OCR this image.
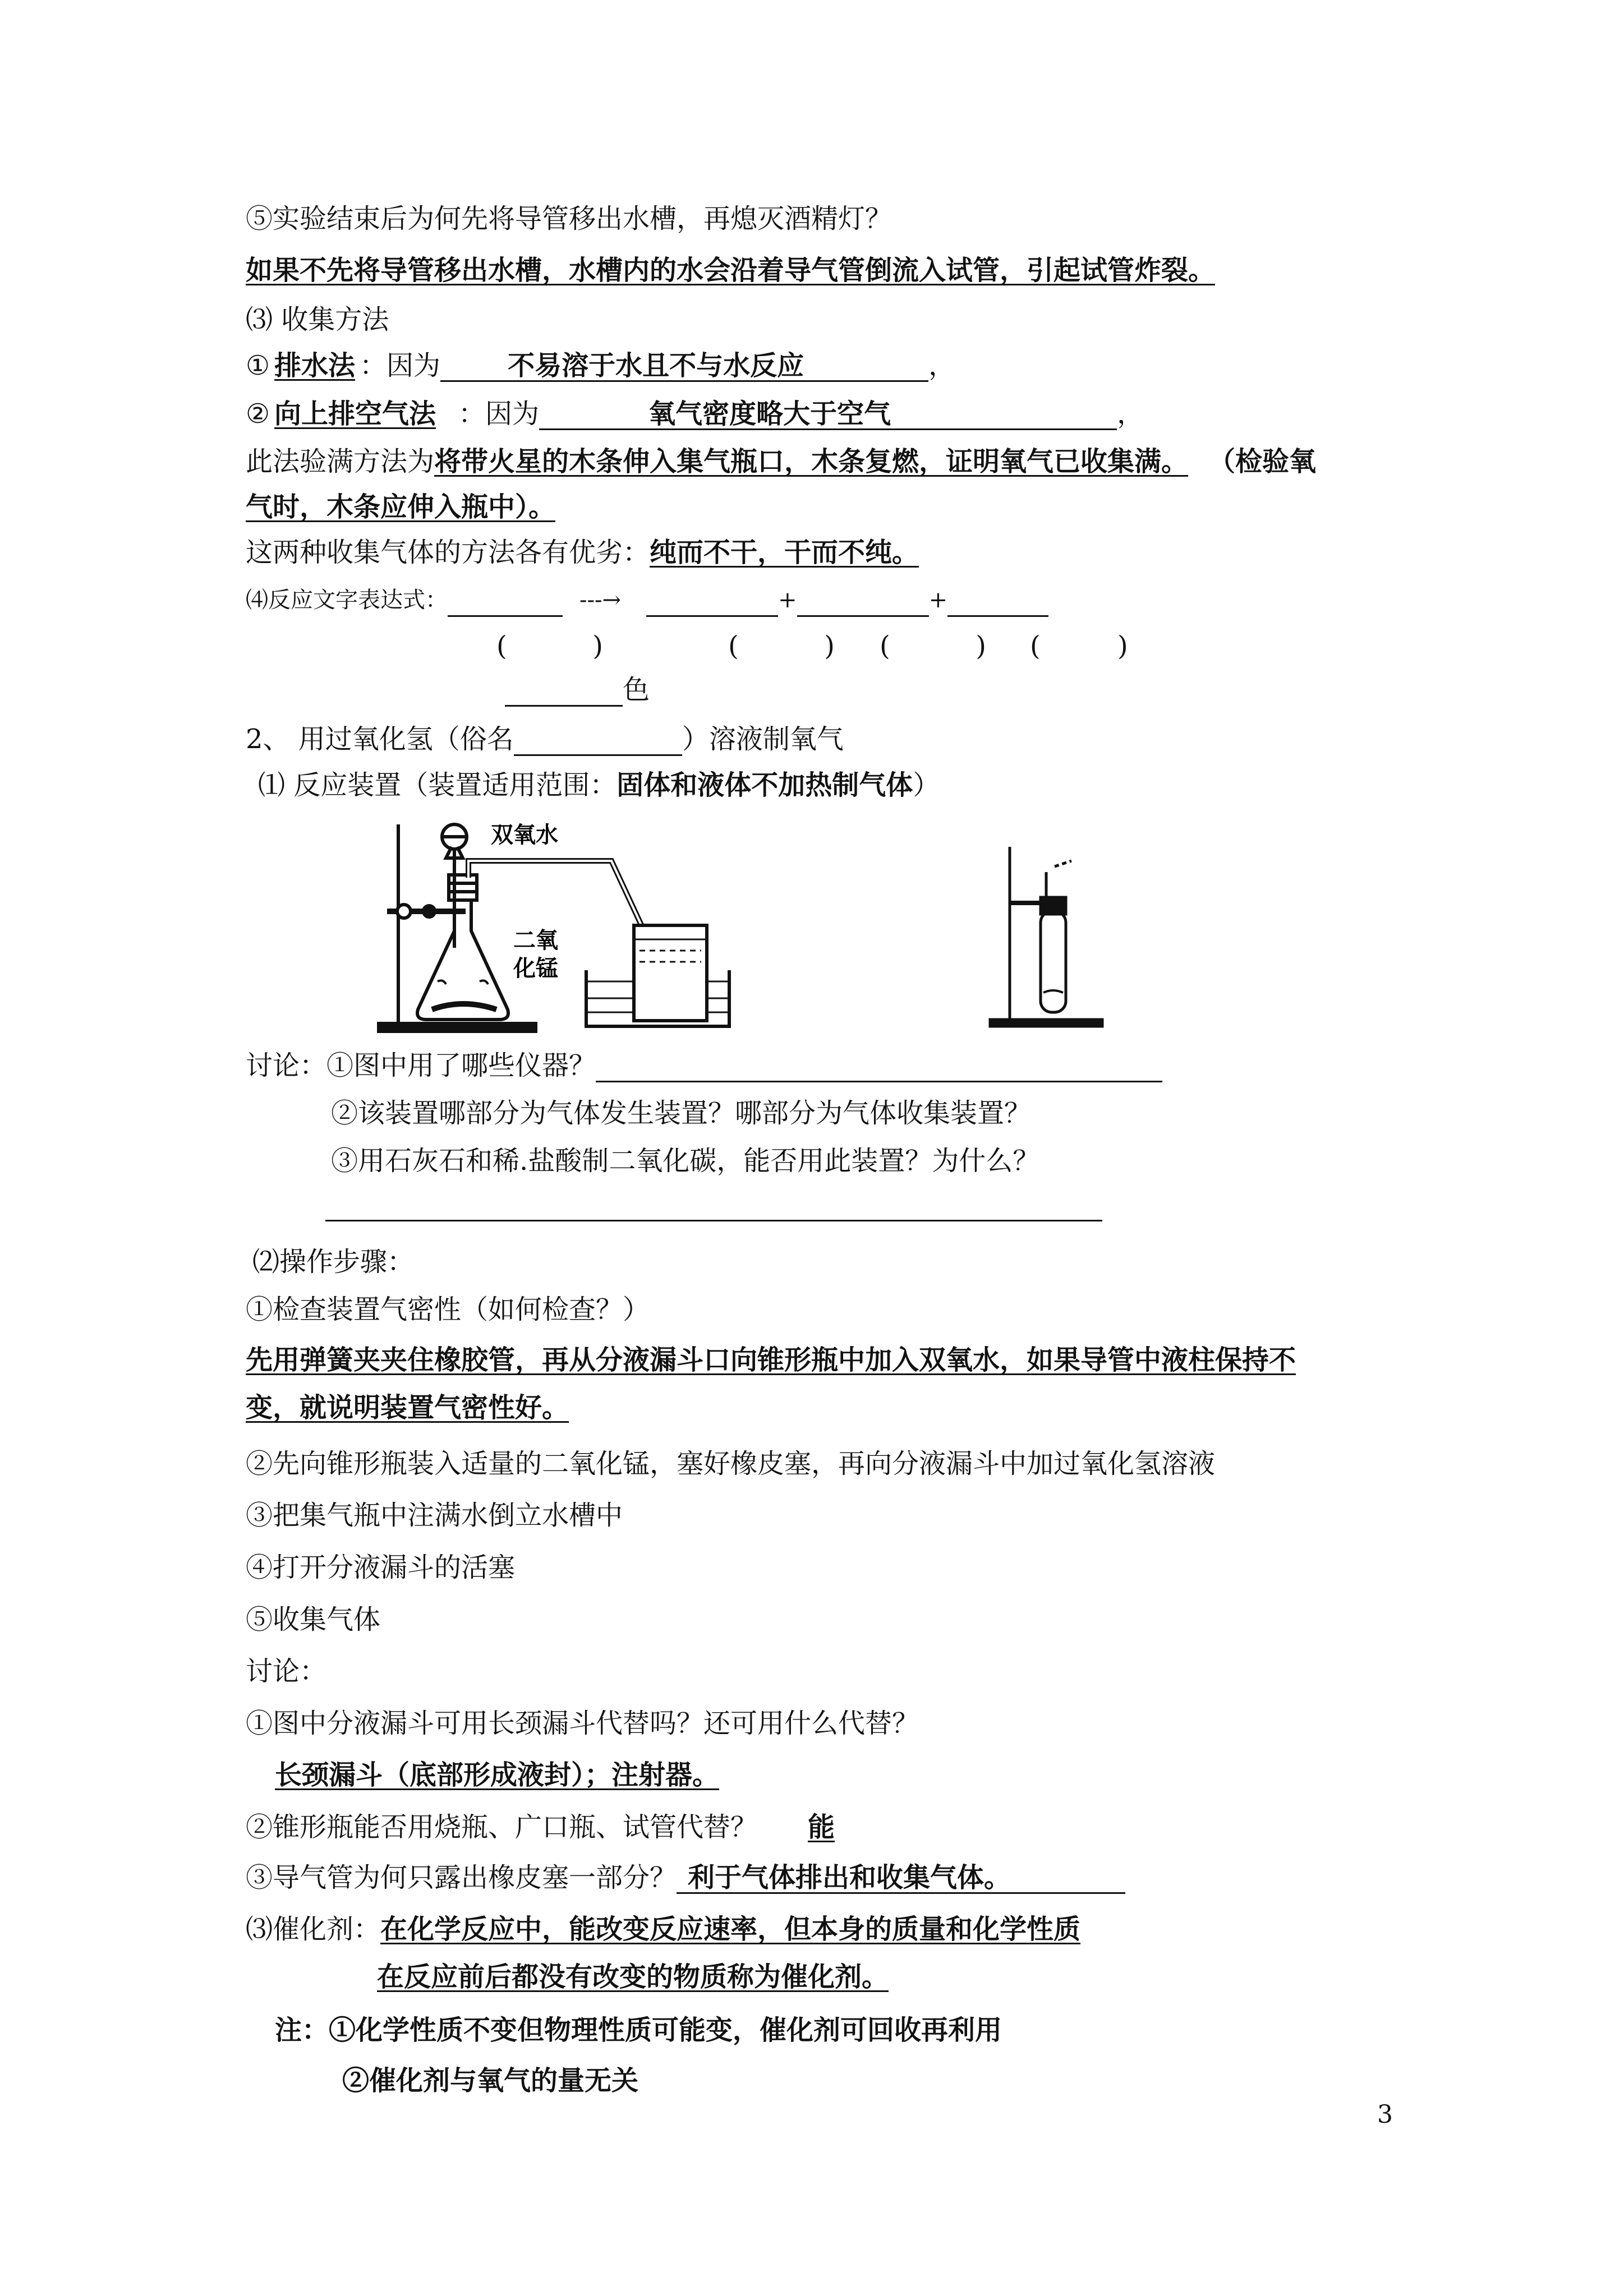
⑤实验结束后为何先将导管移出水槽，再熄灭酒精灯？
如果不先将导管移出水槽，水槽内的水会沿着导气管倒流入试管，引起试管炸裂。
⑶ 收集方法
① 排水法 ：因为	不易溶于水且不与水反应	，
② 向上排空气法 ：因为	氧气密度略大于空气	，
此法验满方法为将带火星的木条伸入集气瓶口，木条复燃，证明氧气已收集满。 （检验氧
气时，木条应伸入瓶中）。
这两种收集气体的方法各有优劣：纯而不干，干而不纯。
⑷反应文字表达式：	---→	+	+
(          )	(          ) (          ) (         )
色
2、 用过氧化氢（俗名	）溶液制氧气
⑴ 反应装置（装置适用范围：固体和液体不加热制气体）
双氧水
二氧
化锰
讨论：①图中用了哪些仪器？
②该装置哪部分为气体发生装置？哪部分为气体收集装置？
③用石灰石和稀.盐酸制二氧化碳，能否用此装置？为什么？
⑵操作步骤：
①检查装置气密性（如何检查？）
先用弹簧夹夹住橡胶管，再从分液漏斗口向锥形瓶中加入双氧水，如果导管中液柱保持不
变，就说明装置气密性好。
②先向锥形瓶装入适量的二氧化锰，塞好橡皮塞，再向分液漏斗中加过氧化氢溶液
③把集气瓶中注满水倒立水槽中
④打开分液漏斗的活塞
⑤收集气体
讨论：
①图中分液漏斗可用长颈漏斗代替吗？还可用什么代替？
长颈漏斗（底部形成液封）；注射器。
②锥形瓶能否用烧瓶、广口瓶、试管代替？ 能
③导气管为何只露出橡皮塞一部分？ 利于气体排出和收集气体。
⑶催化剂：在化学反应中，能改变反应速率，但本身的质量和化学性质
在反应前后都没有改变的物质称为催化剂。
注：①化学性质不变但物理性质可能变，催化剂可回收再利用
②催化剂与氧气的量无关
3
